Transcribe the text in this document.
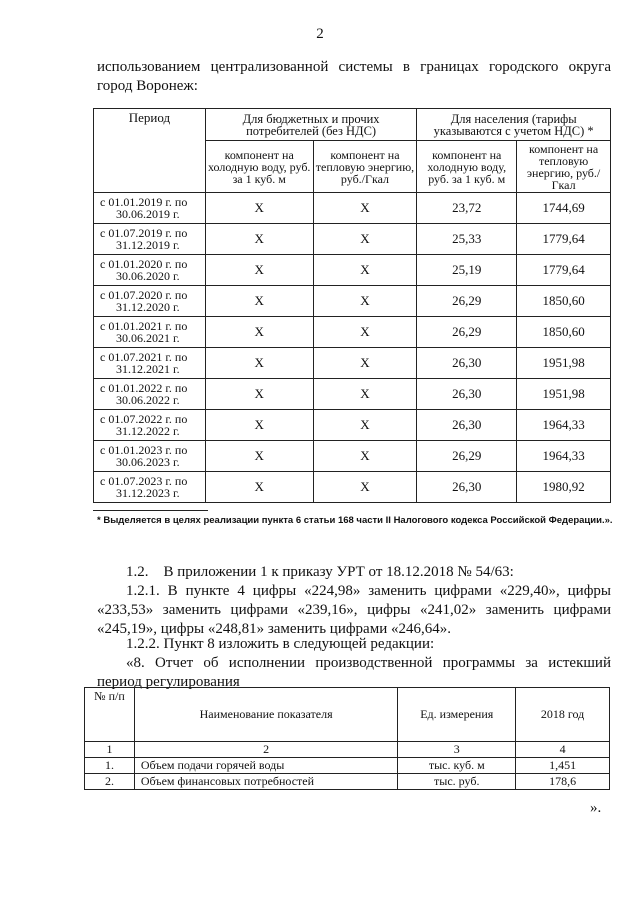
2
использованием централизованной системы в границах городского округа
город Воронеж:
Период	Для бюджетных и прочих потребителей (без НДС)		Для населения (тарифы указываются с учетом НДС) *	
	компонент на холодную воду, руб. за 1 куб. м	компонент на тепловую энергию, руб./Гкал	компонент на холодную воду, руб. за 1 куб. м	компонент на тепловую энергию, руб./Гкал

с 01.01.2019 г. по
30.06.2019 г.	Х	Х	23,72	1744,69

с 01.07.2019 г. по
31.12.2019 г.	Х	Х	25,33	1779,64

с 01.01.2020 г. по
30.06.2020 г.	Х	Х	25,19	1779,64

с 01.07.2020 г. по
31.12.2020 г.	Х	Х	26,29	1850,60

с 01.01.2021 г. по
30.06.2021 г.	Х	Х	26,29	1850,60

с 01.07.2021 г. по
31.12.2021 г.	Х	Х	26,30	1951,98

с 01.01.2022 г. по
30.06.2022 г.	Х	Х	26,30	1951,98

с 01.07.2022 г. по
31.12.2022 г.	Х	Х	26,30	1964,33

с 01.01.2023 г. по
30.06.2023 г.	Х	Х	26,29	1964,33

с 01.07.2023 г. по
31.12.2023 г.	Х	Х	26,30	1980,92
* Выделяется в целях реализации пункта 6 статьи 168 части II Налогового кодекса Российской Федерации.».
1.2.    В приложении 1 к приказу УРТ от 18.12.2018 № 54/63:
1.2.1. В пункте 4 цифры «224,98» заменить цифрами «229,40», цифры
«233,53» заменить цифрами «239,16», цифры «241,02» заменить цифрами
«245,19», цифры «248,81» заменить цифрами «246,64».
1.2.2. Пункт 8 изложить в следующей редакции:
«8. Отчет об исполнении производственной программы за истекший
период регулирования
№ п/п	Наименование показателя	Ед. измерения	2018 год
1	2	3	4
1.	Объем подачи горячей воды	тыс. куб. м	1,451
2.	Объем финансовых потребностей	тыс. руб.	178,6
».
